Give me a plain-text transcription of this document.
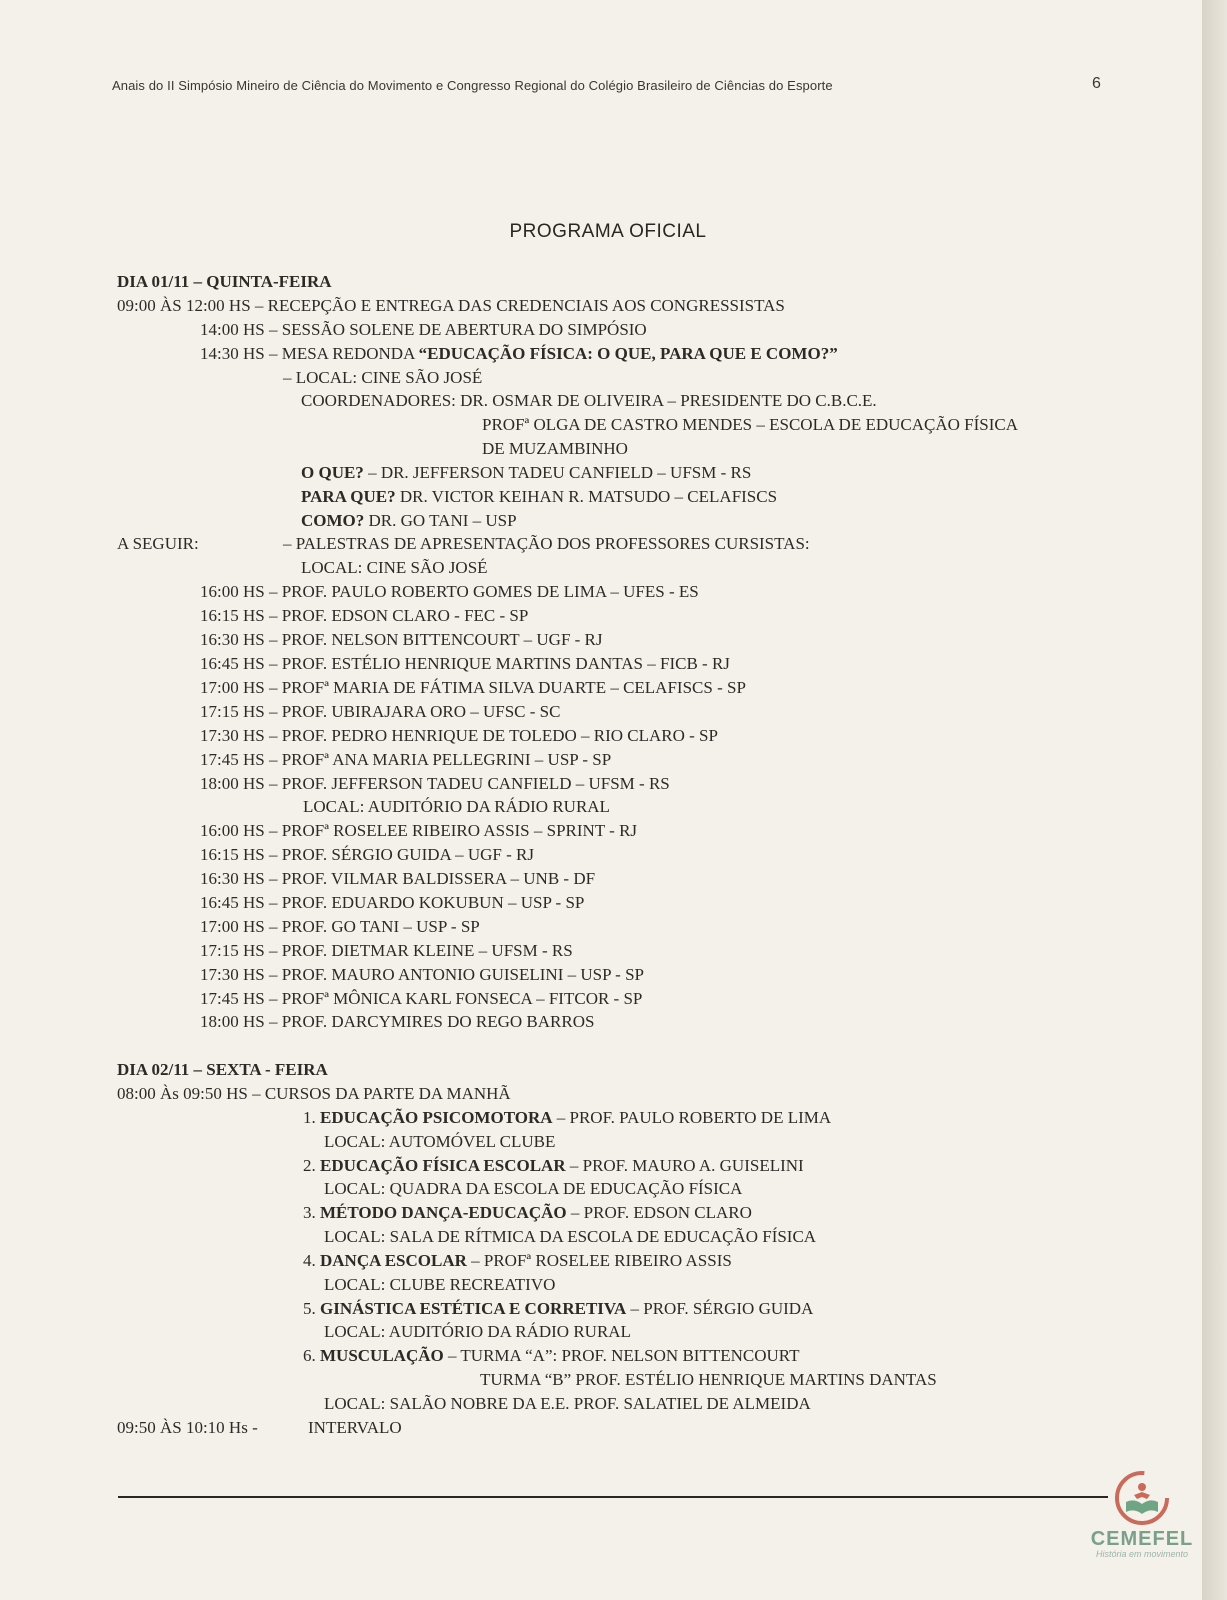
Anais do II Simpósio Mineiro de Ciência do Movimento e Congresso Regional do Colégio Brasileiro de Ciências do Esporte	6
PROGRAMA OFICIAL
DIA 01/11 – QUINTA-FEIRA
09:00 ÀS 12:00 HS – RECEPÇÃO E ENTREGA DAS CREDENCIAIS AOS CONGRESSISTAS
14:00 HS – SESSÃO SOLENE DE ABERTURA DO SIMPÓSIO
14:30 HS – MESA REDONDA “EDUCAÇÃO FÍSICA: O QUE, PARA QUE E COMO?”
– LOCAL: CINE SÃO JOSÉ
COORDENADORES: DR. OSMAR DE OLIVEIRA – PRESIDENTE DO C.B.C.E.
PROFª OLGA DE CASTRO MENDES – ESCOLA DE EDUCAÇÃO FÍSICA
DE MUZAMBINHO
O QUE? – DR. JEFFERSON TADEU CANFIELD – UFSM - RS
PARA QUE? DR. VICTOR KEIHAN R. MATSUDO – CELAFISCS
COMO? DR. GO TANI – USP
A SEGUIR:	– PALESTRAS DE APRESENTAÇÃO DOS PROFESSORES CURSISTAS:
LOCAL: CINE SÃO JOSÉ
16:00 HS – PROF. PAULO ROBERTO GOMES DE LIMA – UFES - ES
16:15 HS – PROF. EDSON CLARO - FEC - SP
16:30 HS – PROF. NELSON BITTENCOURT – UGF - RJ
16:45 HS – PROF. ESTÉLIO HENRIQUE MARTINS DANTAS – FICB - RJ
17:00 HS – PROFª MARIA DE FÁTIMA SILVA DUARTE – CELAFISCS - SP
17:15 HS – PROF. UBIRAJARA ORO – UFSC - SC
17:30 HS – PROF. PEDRO HENRIQUE DE TOLEDO – RIO CLARO - SP
17:45 HS – PROFª ANA MARIA PELLEGRINI – USP - SP
18:00 HS – PROF. JEFFERSON TADEU CANFIELD – UFSM - RS
LOCAL: AUDITÓRIO DA RÁDIO RURAL
16:00 HS – PROFª ROSELEE RIBEIRO ASSIS – SPRINT - RJ
16:15 HS – PROF. SÉRGIO GUIDA – UGF - RJ
16:30 HS – PROF. VILMAR BALDISSERA – UNB - DF
16:45 HS – PROF. EDUARDO KOKUBUN – USP - SP
17:00 HS – PROF. GO TANI – USP - SP
17:15 HS – PROF. DIETMAR KLEINE – UFSM - RS
17:30 HS – PROF. MAURO ANTONIO GUISELINI – USP - SP
17:45 HS – PROFª MÔNICA KARL FONSECA – FITCOR - SP
18:00 HS – PROF. DARCYMIRES DO REGO BARROS
DIA 02/11 – SEXTA - FEIRA
08:00 Às 09:50 HS – CURSOS DA PARTE DA MANHÃ
1. EDUCAÇÃO PSICOMOTORA – PROF. PAULO ROBERTO DE LIMA
LOCAL: AUTOMÓVEL CLUBE
2. EDUCAÇÃO FÍSICA ESCOLAR – PROF. MAURO A. GUISELINI
LOCAL: QUADRA DA ESCOLA DE EDUCAÇÃO FÍSICA
3. MÉTODO DANÇA-EDUCAÇÃO – PROF. EDSON CLARO
LOCAL: SALA DE RÍTMICA DA ESCOLA DE EDUCAÇÃO FÍSICA
4. DANÇA ESCOLAR – PROFª ROSELEE RIBEIRO ASSIS
LOCAL: CLUBE RECREATIVO
5. GINÁSTICA ESTÉTICA E CORRETIVA – PROF. SÉRGIO GUIDA
LOCAL: AUDITÓRIO DA RÁDIO RURAL
6. MUSCULAÇÃO – TURMA “A”: PROF. NELSON BITTENCOURT
TURMA “B” PROF. ESTÉLIO HENRIQUE MARTINS DANTAS
LOCAL: SALÃO NOBRE DA E.E. PROF. SALATIEL DE ALMEIDA
09:50 ÀS 10:10 Hs -	INTERVALO
CEMEFEL
História em movimento
